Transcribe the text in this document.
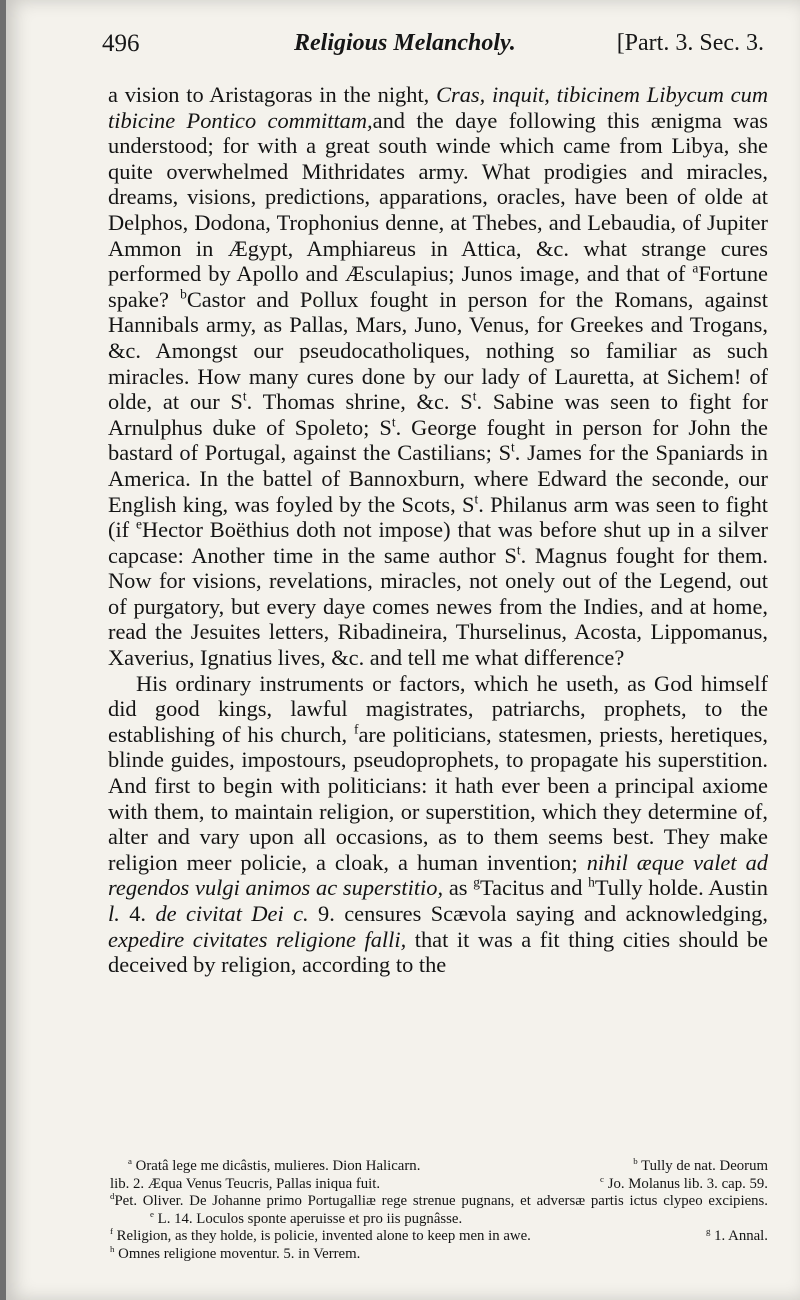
496	Religious Melancholy.	[Part. 3. Sec. 3.

a vision to Aristagoras in the night, Cras, inquit, tibicinem Libycum cum tibicine Pontico committam,and the daye following this ænigma was understood; for with a great south winde which came from Libya, she quite overwhelmed Mithridates army. What prodigies and miracles, dreams, visions, predictions, apparations, oracles, have been of olde at Delphos, Dodona, Trophonius denne, at Thebes, and Lebaudia, of Jupiter Ammon in Ægypt, Amphiareus in Attica, &c. what strange cures performed by Apollo and Æsculapius; Junos image, and that of $^a$Fortune spake? $^b$Castor and Pollux fought in person for the Romans, against Hannibals army, as Pallas, Mars, Juno, Venus, for Greekes and Trogans, &c. Amongst our pseudocatholiques, nothing so familiar as such miracles. How many cures done by our lady of Lauretta, at Sichem! of olde, at our $S^t$. Thomas shrine, &c. $S^t$. Sabine was seen to fight for Arnulphus duke of Spoleto; $S^t$. George fought in person for John the bastard of Portugal, against the Castilians; $S^t$. James for the Spaniards in America. In the battel of Bannoxburn, where Edward the seconde, our English king, was foyled by the Scots, $S^t$. Philanus arm was seen to fight (if $^e$Hector Boëthius doth not impose) that was before shut up in a silver capcase: Another time in the same author $S^t$. Magnus fought for them. Now for visions, revelations, miracles, not onely out of the Legend, out of purgatory, but every daye comes newes from the Indies, and at home, read the Jesuites letters, Ribadineira, Thurselinus, Acosta, Lippomanus, Xaverius, Ignatius lives, &c. and tell me what difference?

His ordinary instruments or factors, which he useth, as God himself did good kings, lawful magistrates, patriarchs, prophets, to the establishing of his church, $^f$are politicians, statesmen, priests, heretiques, blinde guides, impostours, pseudoprophets, to propagate his superstition. And first to begin with politicians: it hath ever been a principal axiome with them, to maintain religion, or superstition, which they determine of, alter and vary upon all occasions, as to them seems best. They make religion meer policie, a cloak, a human invention; nihil æque valet ad regendos vulgi animos ac superstitio, as $^g$Tacitus and $^h$Tully holde. Austin l. 4. de civitat Dei c. 9. censures Scævola saying and acknowledging, expedire civitates religione falli, that it was a fit thing cities should be deceived by religion, according to the

$^a$ Oratâ lege me dicâstis, mulieres. Dion Halicarn.	$^b$ Tully de nat. Deorum

lib. 2. Æqua Venus Teucris, Pallas iniqua fuit.	$^c$ Jo. Molanus lib. 3. cap. 59.

$^d$Pet. Oliver. De Johanne primo Portugalliæ rege strenue pugnans, et adversæ partis ictus clypeo excipiens.$^e$ L. 14. Loculos sponte aperuisse et pro iis pugnâsse.

$^f$ Religion, as they holde, is policie, invented alone to keep men in awe.	$^g$ 1. Annal.

$^h$ Omnes religione moventur. 5. in Verrem.
